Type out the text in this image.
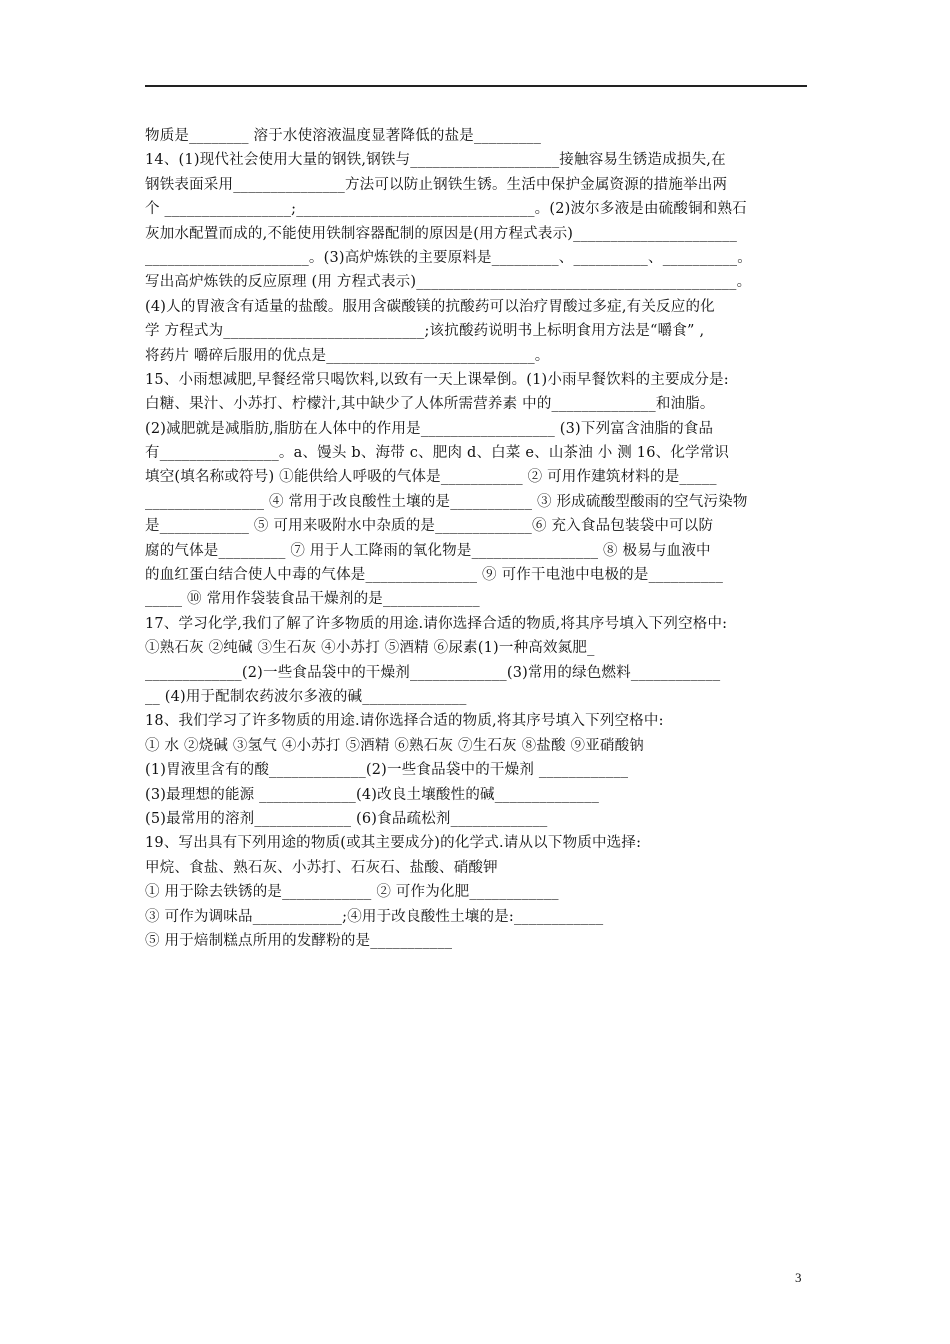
物质是________ 溶于水使溶液温度显著降低的盐是_________
14、(1)现代社会使用大量的钢铁,钢铁与____________________接触容易生锈造成损失,在
钢铁表面采用_______________方法可以防止钢铁生锈。生活中保护金属资源的措施举出两
个 _________________;________________________________。(2)波尔多液是由硫酸铜和熟石
灰加水配置而成的,不能使用铁制容器配制的原因是(用方程式表示)______________________
______________________。(3)高炉炼铁的主要原料是_________、__________、__________。
写出高炉炼铁的反应原理 (用 方程式表示)___________________________________________。
(4)人的胃液含有适量的盐酸。服用含碳酸镁的抗酸药可以治疗胃酸过多症,有关反应的化
学 方程式为___________________________;该抗酸药说明书上标明食用方法是“嚼食” ,
将药片 嚼碎后服用的优点是____________________________。
15、小雨想减肥,早餐经常只喝饮料,以致有一天上课晕倒。(1)小雨早餐饮料的主要成分是:
白糖、果汁、小苏打、柠檬汁,其中缺少了人体所需营养素 中的______________和油脂。
(2)减肥就是减脂肪,脂肪在人体中的作用是__________________ (3)下列富含油脂的食品
有________________。a、馒头 b、海带 c、肥肉 d、白菜 e、山茶油 小 测 16、化学常识
填空(填名称或符号) ①能供给人呼吸的气体是___________ ② 可用作建筑材料的是_____
________________ ④ 常用于改良酸性土壤的是___________ ③ 形成硫酸型酸雨的空气污染物
是____________ ⑤ 可用来吸附水中杂质的是_____________⑥ 充入食品包装袋中可以防
腐的气体是_________ ⑦ 用于人工降雨的氧化物是_________________ ⑧ 极易与血液中
的血红蛋白结合使人中毒的气体是_______________ ⑨ 可作干电池中电极的是__________
_____ ⑩ 常用作袋装食品干燥剂的是_____________
17、学习化学,我们了解了许多物质的用途.请你选择合适的物质,将其序号填入下列空格中:
①熟石灰 ②纯碱 ③生石灰 ④小苏打 ⑤酒精 ⑥尿素(1)一种高效氮肥_
_____________(2)一些食品袋中的干燥剂_____________(3)常用的绿色燃料____________
__ (4)用于配制农药波尔多液的碱______________
18、我们学习了许多物质的用途.请你选择合适的物质,将其序号填入下列空格中:
① 水 ②烧碱 ③氢气 ④小苏打 ⑤酒精 ⑥熟石灰 ⑦生石灰 ⑧盐酸 ⑨亚硝酸钠
(1)胃液里含有的酸_____________(2)一些食品袋中的干燥剂 ____________
(3)最理想的能源 _____________(4)改良土壤酸性的碱______________
(5)最常用的溶剂_____________ (6)食品疏松剂_____________
19、写出具有下列用途的物质(或其主要成分)的化学式.请从以下物质中选择:
甲烷、食盐、熟石灰、小苏打、石灰石、盐酸、硝酸钾
① 用于除去铁锈的是____________ ② 可作为化肥____________
③ 可作为调味品____________;④用于改良酸性土壤的是:____________
⑤ 用于焙制糕点所用的发酵粉的是___________
3
